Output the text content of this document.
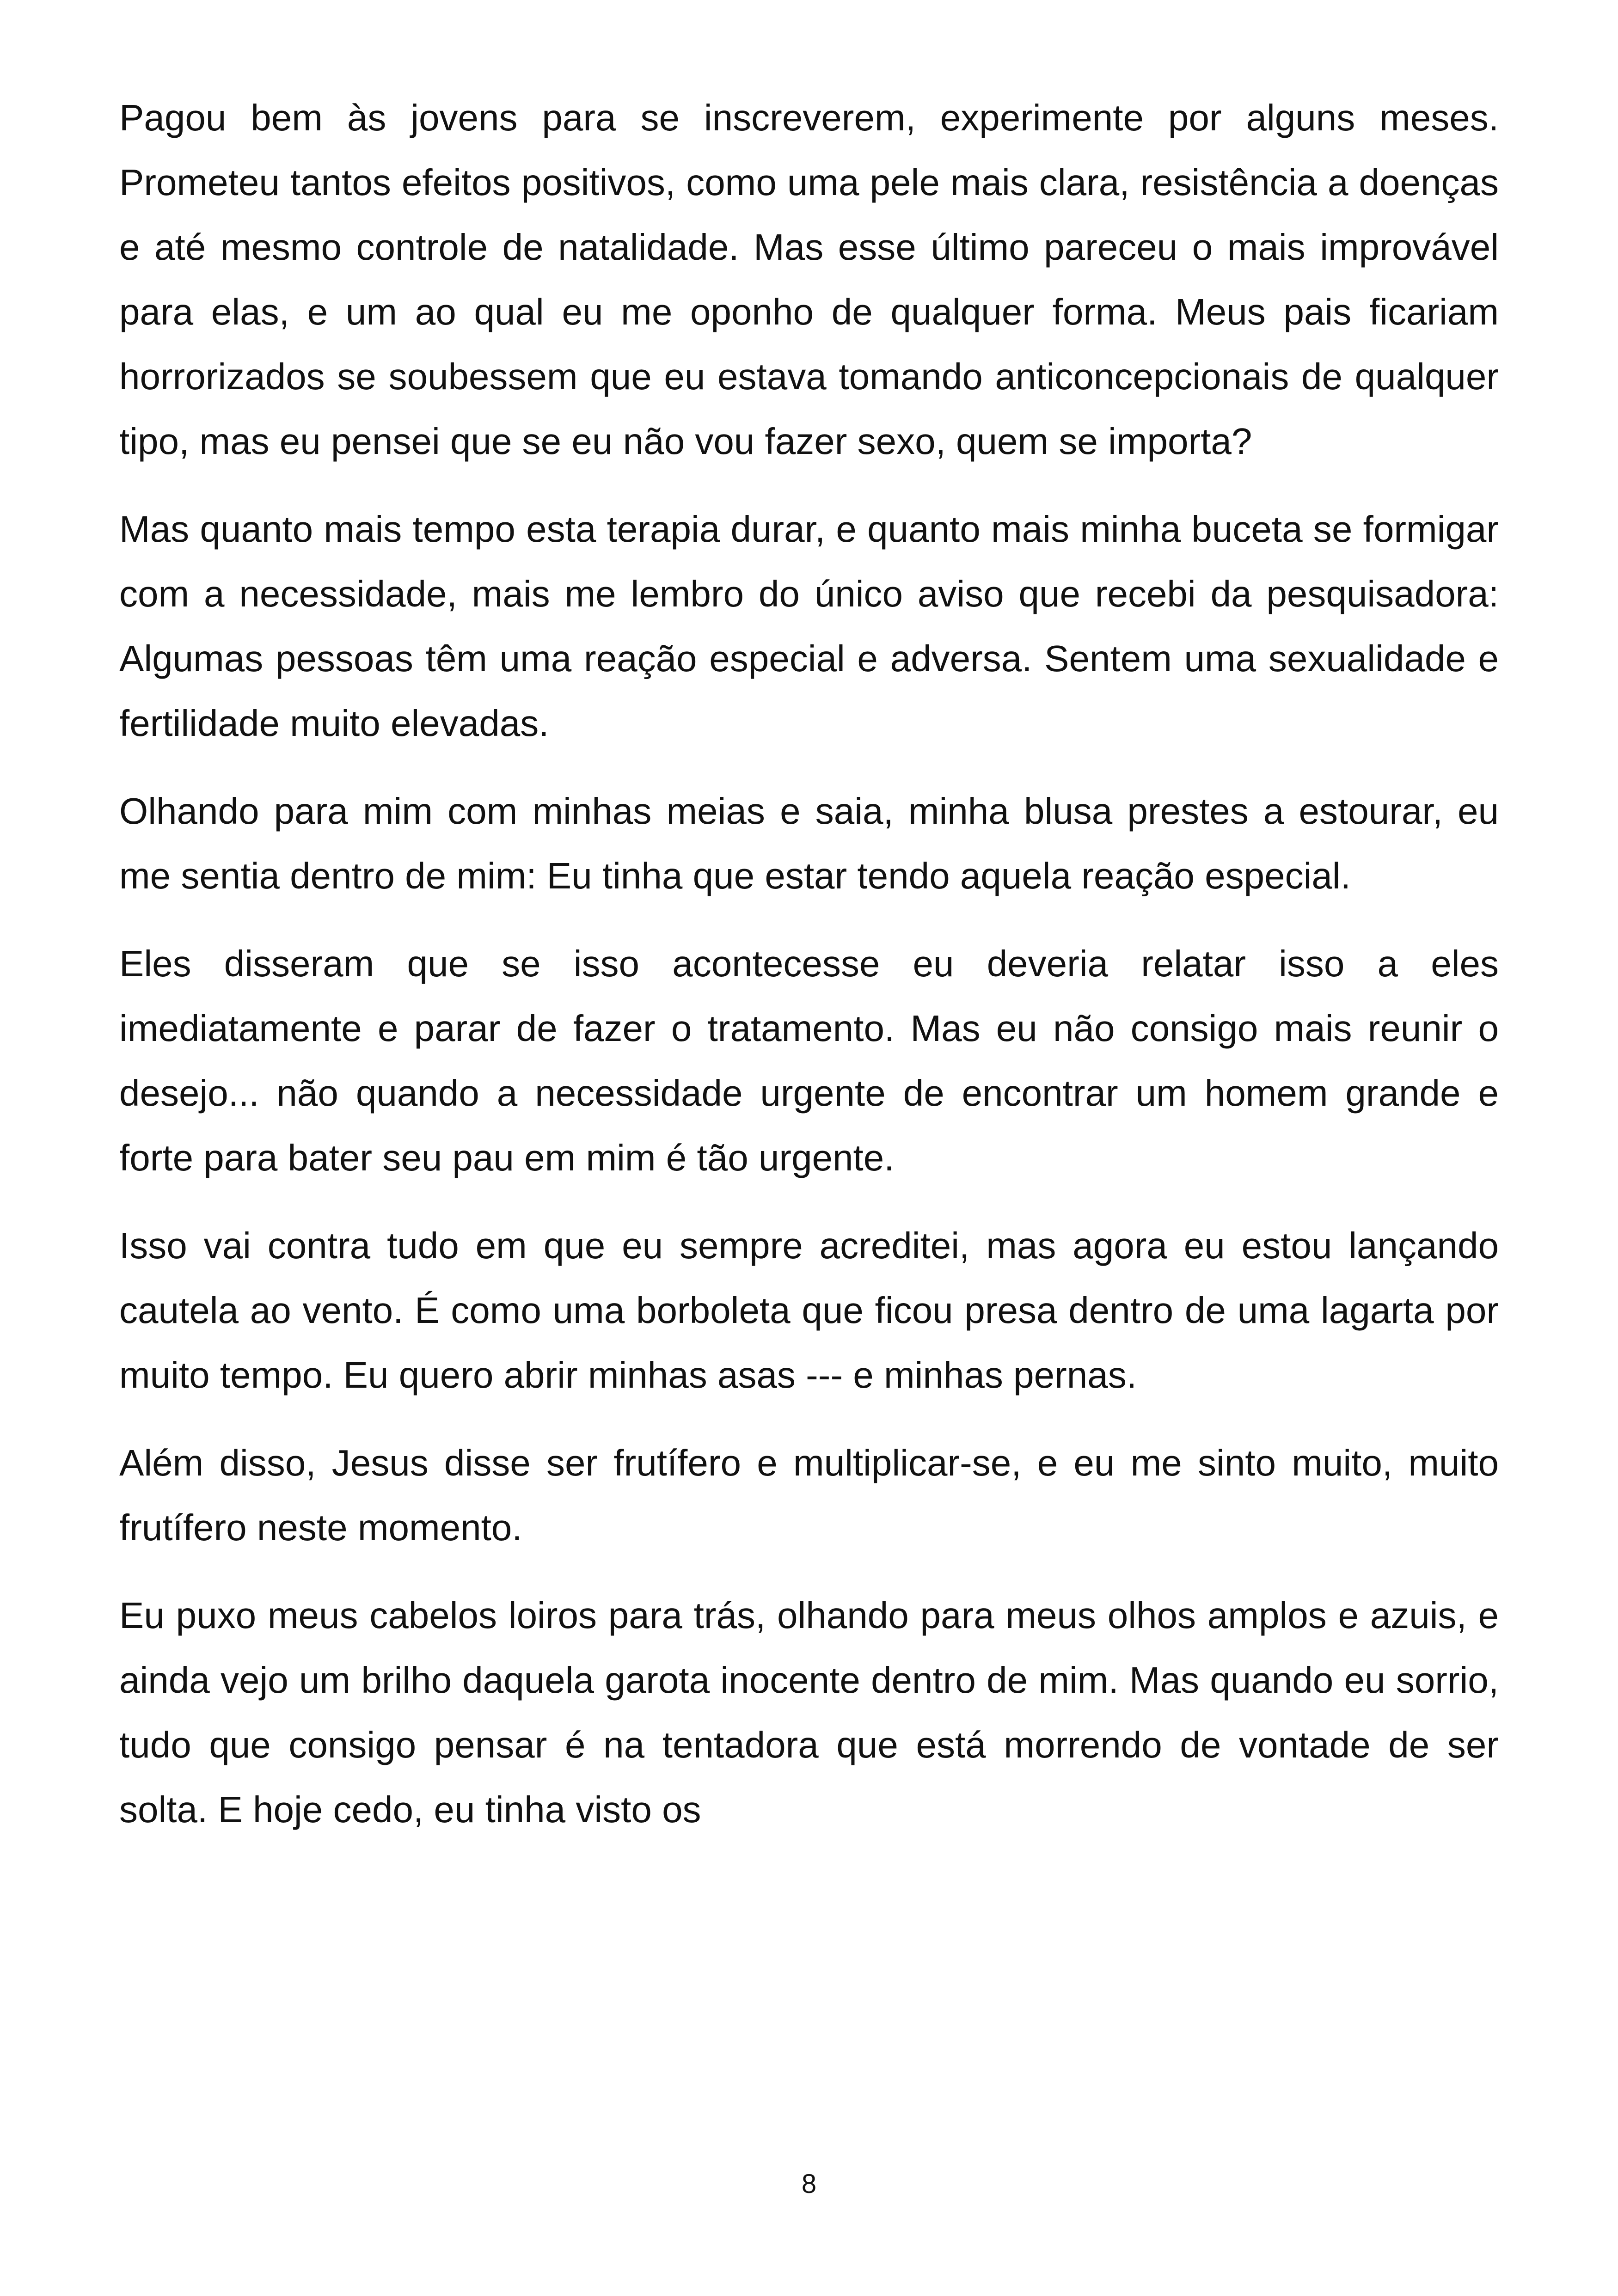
Pagou bem às jovens para se inscreverem, experimente por alguns meses. Prometeu tantos efeitos positivos, como uma pele mais clara, resistência a doenças e até mesmo controle de natalidade. Mas esse último pareceu o mais improvável para elas, e um ao qual eu me oponho de qualquer forma. Meus pais ficariam horrorizados se soubessem que eu estava tomando anticoncepcionais de qualquer tipo, mas eu pensei que se eu não vou fazer sexo, quem se importa?

Mas quanto mais tempo esta terapia durar, e quanto mais minha buceta se formigar com a necessidade, mais me lembro do único aviso que recebi da pesquisadora: Algumas pessoas têm uma reação especial e adversa. Sentem uma sexualidade e fertilidade muito elevadas.

Olhando para mim com minhas meias e saia, minha blusa prestes a estourar, eu me sentia dentro de mim: Eu tinha que estar tendo aquela reação especial.

Eles disseram que se isso acontecesse eu deveria relatar isso a eles imediatamente e parar de fazer o tratamento. Mas eu não consigo mais reunir o desejo... não quando a necessidade urgente de encontrar um homem grande e forte para bater seu pau em mim é tão urgente.

Isso vai contra tudo em que eu sempre acreditei, mas agora eu estou lançando cautela ao vento. É como uma borboleta que ficou presa dentro de uma lagarta por muito tempo. Eu quero abrir minhas asas --- e minhas pernas.

Além disso, Jesus disse ser frutífero e multiplicar-se, e eu me sinto muito, muito frutífero neste momento.

Eu puxo meus cabelos loiros para trás, olhando para meus olhos amplos e azuis, e ainda vejo um brilho daquela garota inocente dentro de mim. Mas quando eu sorrio, tudo que consigo pensar é na tentadora que está morrendo de vontade de ser solta. E hoje cedo, eu tinha visto os

8
